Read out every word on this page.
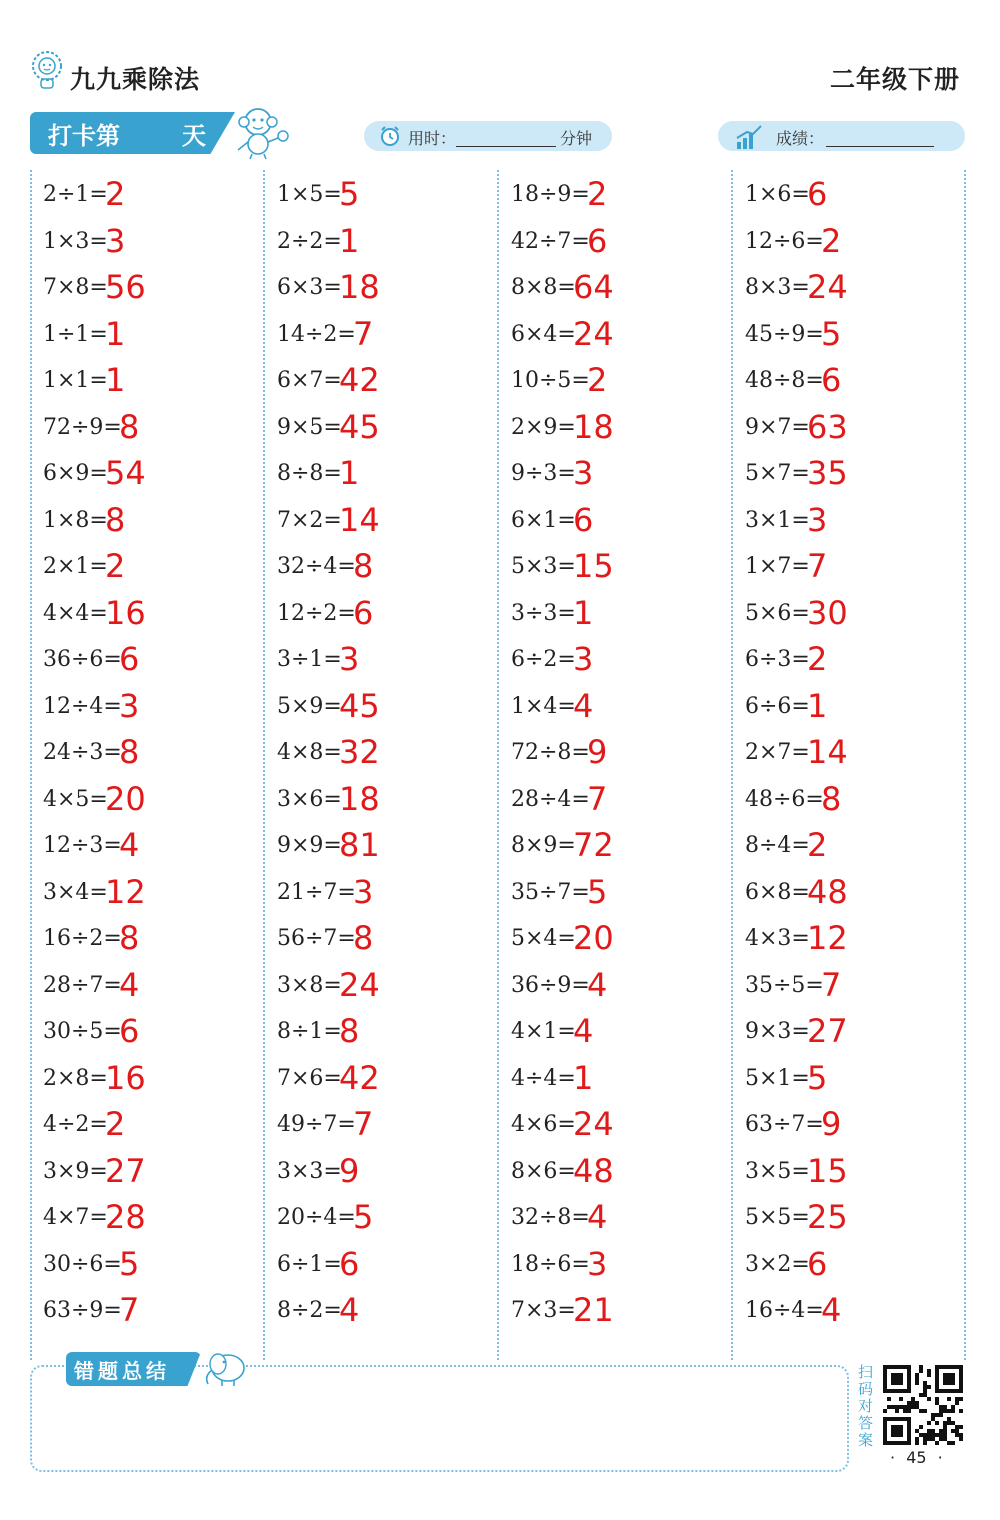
九九乘除法	二年级下册
打卡第	天	用时：	分钟	成绩：
2÷1=
2
1×3=
3
7×8=
56
1÷1=
1
1×1=
1
72÷9=
8
6×9=
54
1×8=
8
2×1=
2
4×4=
16
36÷6=
6
12÷4=
3
24÷3=
8
4×5=
20
12÷3=
4
3×4=
12
16÷2=
8
28÷7=
4
30÷5=
6
2×8=
16
4÷2=
2
3×9=
27
4×7=
28
30÷6=
5
63÷9=
7
1×5=
5
2÷2=
1
6×3=
18
14÷2=
7
6×7=
42
9×5=
45
8÷8=
1
7×2=
14
32÷4=
8
12÷2=
6
3÷1=
3
5×9=
45
4×8=
32
3×6=
18
9×9=
81
21÷7=
3
56÷7=
8
3×8=
24
8÷1=
8
7×6=
42
49÷7=
7
3×3=
9
20÷4=
5
6÷1=
6
8÷2=
4
18÷9=
2
42÷7=
6
8×8=
64
6×4=
24
10÷5=
2
2×9=
18
9÷3=
3
6×1=
6
5×3=
15
3÷3=
1
6÷2=
3
1×4=
4
72÷8=
9
28÷4=
7
8×9=
72
35÷7=
5
5×4=
20
36÷9=
4
4×1=
4
4÷4=
1
4×6=
24
8×6=
48
32÷8=
4
18÷6=
3
7×3=
21
1×6=
6
12÷6=
2
8×3=
24
45÷9=
5
48÷8=
6
9×7=
63
5×7=
35
3×1=
3
1×7=
7
5×6=
30
6÷3=
2
6÷6=
1
2×7=
14
48÷6=
8
8÷4=
2
6×8=
48
4×3=
12
35÷5=
7
9×3=
27
5×1=
5
63÷7=
9
3×5=
15
5×5=
25
3×2=
6
16÷4=
4
错题总结	扫码对答案
· 45 ·
